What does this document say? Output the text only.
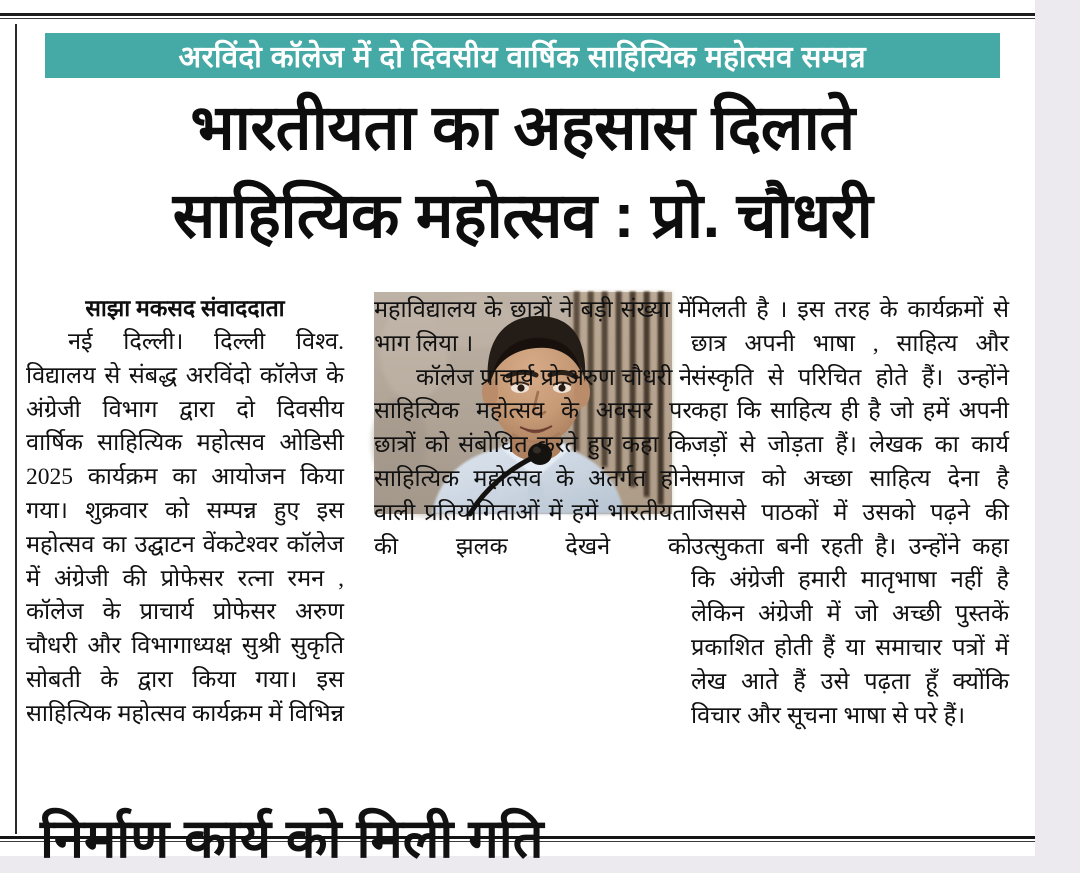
अरविंदो कॉलेज में दो दिवसीय वार्षिक साहित्यिक महोत्सव सम्पन्न
भारतीयता का अहसास दिलाते
साहित्यिक महोत्सव : प्रो. चौधरी
साझा मकसद संवाददाता

नई दिल्ली। दिल्ली विश्व. विद्यालय से संबद्ध अरविंदो कॉलेज के अंग्रेजी विभाग द्वारा दो दिवसीय वार्षिक साहित्यिक महोत्सव ओडिसी 2025 कार्यक्रम का आयोजन किया गया। शुक्रवार को सम्पन्न हुए इस महोत्सव का उद्घाटन वेंकटेश्वर कॉलेज में अंग्रेजी की प्रोफेसर रत्ना रमन , कॉलेज के प्राचार्य प्रोफेसर अरुण चौधरी और विभागाध्यक्ष सुश्री सुकृति सोबती के द्वारा किया गया। इस साहित्यिक महोत्सव कार्यक्रम में विभिन्न

महाविद्यालय के छात्रों ने बड़ी संख्या में भाग लिया ।

कॉलेज प्राचार्य प्रो.अरुण चौधरी ने साहित्यिक महोत्सव के अवसर पर छात्रों को संबोधित करते हुए कहा कि साहित्यिक महोत्सव के अंतर्गत होने वाली प्रतियोगिताओं में हमें भारतीयता की झलक देखने को

मिलती है । इस तरह के कार्यक्रमों से छात्र अपनी भाषा , साहित्य और संस्कृति से परिचित होते हैं। उन्होंने कहा कि साहित्य ही है जो हमें अपनी जड़ों से जोड़ता हैं। लेखक का कार्य समाज को अच्छा साहित्य देना है जिससे पाठकों में उसको पढ़ने की उत्सुकता बनी रहती है। उन्होंने कहा कि अंग्रेजी हमारी मातृभाषा नहीं है लेकिन अंग्रेजी में जो अच्छी पुस्तकें प्रकाशित होती हैं या समाचार पत्रों में लेख आते हैं उसे पढ़ता हूँ क्योंकि विचार और सूचना भाषा से परे हैं।

निर्माण कार्य को मिली गति
